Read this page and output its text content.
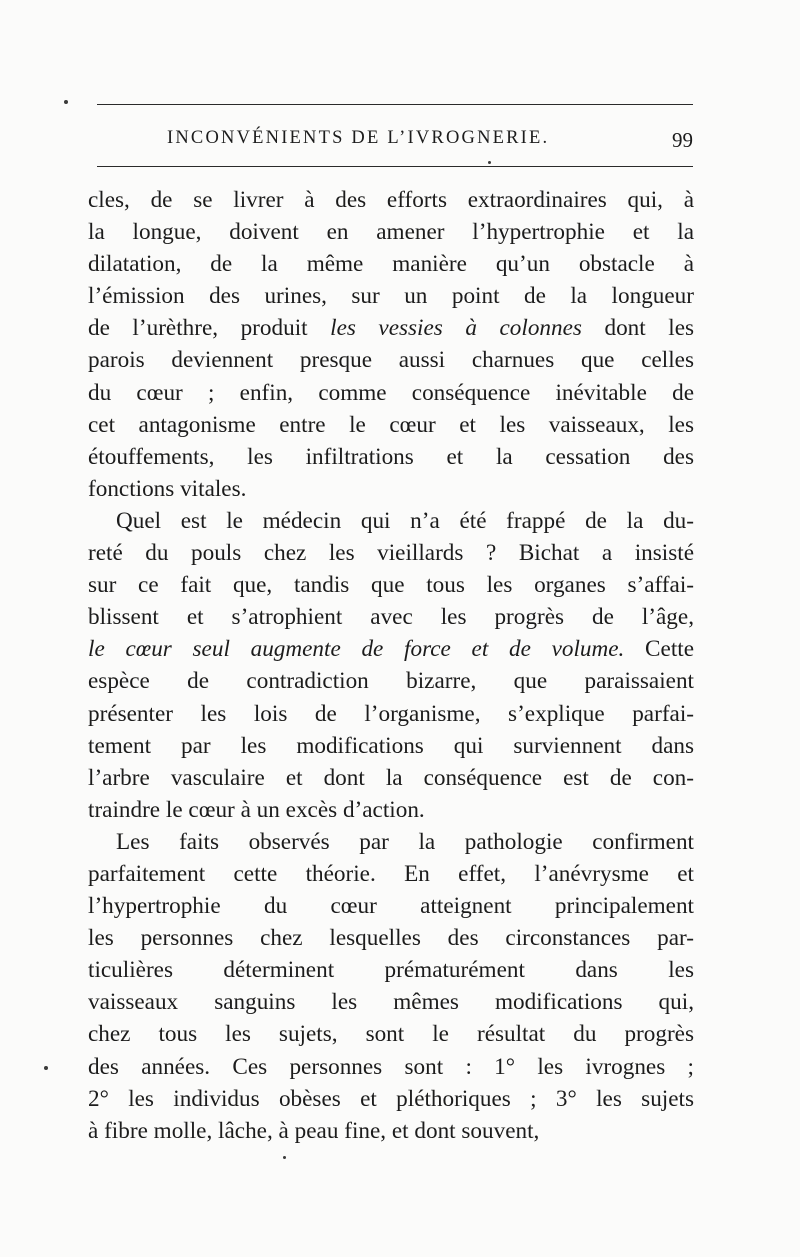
INCONVÉNIENTS DE L’IVROGNERIE.	99
cles, de se livrer à des efforts extraordinaires qui, à
la longue, doivent en amener l’hypertrophie et la
dilatation, de la même manière qu’un obstacle à
l’émission des urines, sur un point de la longueur
de l’urèthre, produit les vessies à colonnes dont les
parois deviennent presque aussi charnues que celles
du cœur ; enfin, comme conséquence inévitable de
cet antagonisme entre le cœur et les vaisseaux, les
étouffements, les infiltrations et la cessation des
fonctions vitales.
Quel est le médecin qui n’a été frappé de la du-
reté du pouls chez les vieillards ? Bichat a insisté
sur ce fait que, tandis que tous les organes s’affai-
blissent et s’atrophient avec les progrès de l’âge,
le cœur seul augmente de force et de volume. Cette
espèce de contradiction bizarre, que paraissaient
présenter les lois de l’organisme, s’explique parfai-
tement par les modifications qui surviennent dans
l’arbre vasculaire et dont la conséquence est de con-
traindre le cœur à un excès d’action.
Les faits observés par la pathologie confirment
parfaitement cette théorie. En effet, l’anévrysme et
l’hypertrophie du cœur atteignent principalement
les personnes chez lesquelles des circonstances par-
ticulières déterminent prématurément dans les
vaisseaux sanguins les mêmes modifications qui,
chez tous les sujets, sont le résultat du progrès
des années. Ces personnes sont : 1° les ivrognes ;
2° les individus obèses et pléthoriques ; 3° les sujets
à fibre molle, lâche, à peau fine, et dont souvent,
